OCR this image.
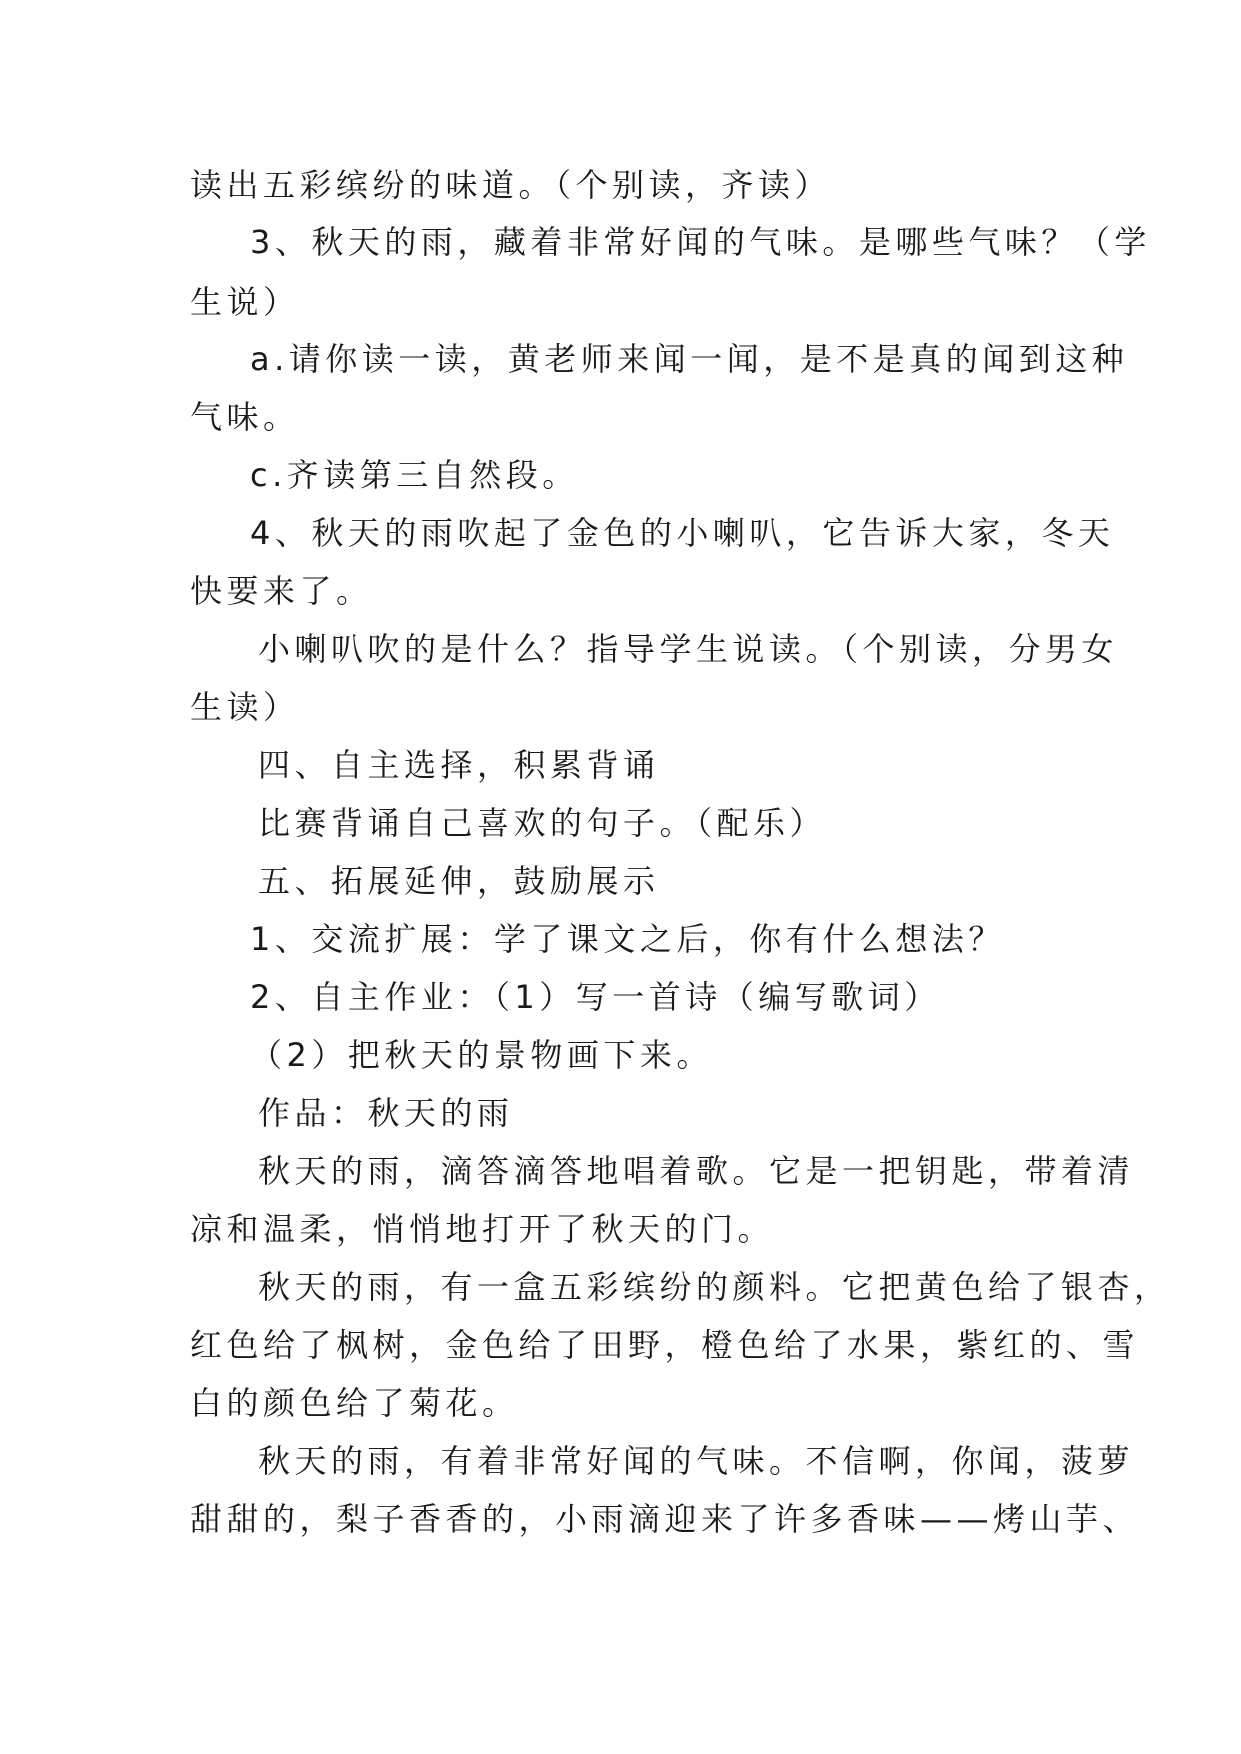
读出五彩缤纷的味道。（个别读，齐读）

3、秋天的雨，藏着非常好闻的气味。是哪些气味？（学

生说）

a.请你读一读，黄老师来闻一闻，是不是真的闻到这种

气味。

c.齐读第三自然段。

4、秋天的雨吹起了金色的小喇叭，它告诉大家，冬天

快要来了。

小喇叭吹的是什么？指导学生说读。（个别读，分男女

生读）

四、自主选择，积累背诵

比赛背诵自己喜欢的句子。（配乐）

五、拓展延伸，鼓励展示

1、交流扩展：学了课文之后，你有什么想法？

2、自主作业：（1）写一首诗（编写歌词）

（2）把秋天的景物画下来。

作品：秋天的雨

秋天的雨，滴答滴答地唱着歌。它是一把钥匙，带着清

凉和温柔，悄悄地打开了秋天的门。

秋天的雨，有一盒五彩缤纷的颜料。它把黄色给了银杏，

红色给了枫树，金色给了田野，橙色给了水果，紫红的、雪

白的颜色给了菊花。

秋天的雨，有着非常好闻的气味。不信啊，你闻，菠萝

甜甜的，梨子香香的，小雨滴迎来了许多香味——烤山芋、
